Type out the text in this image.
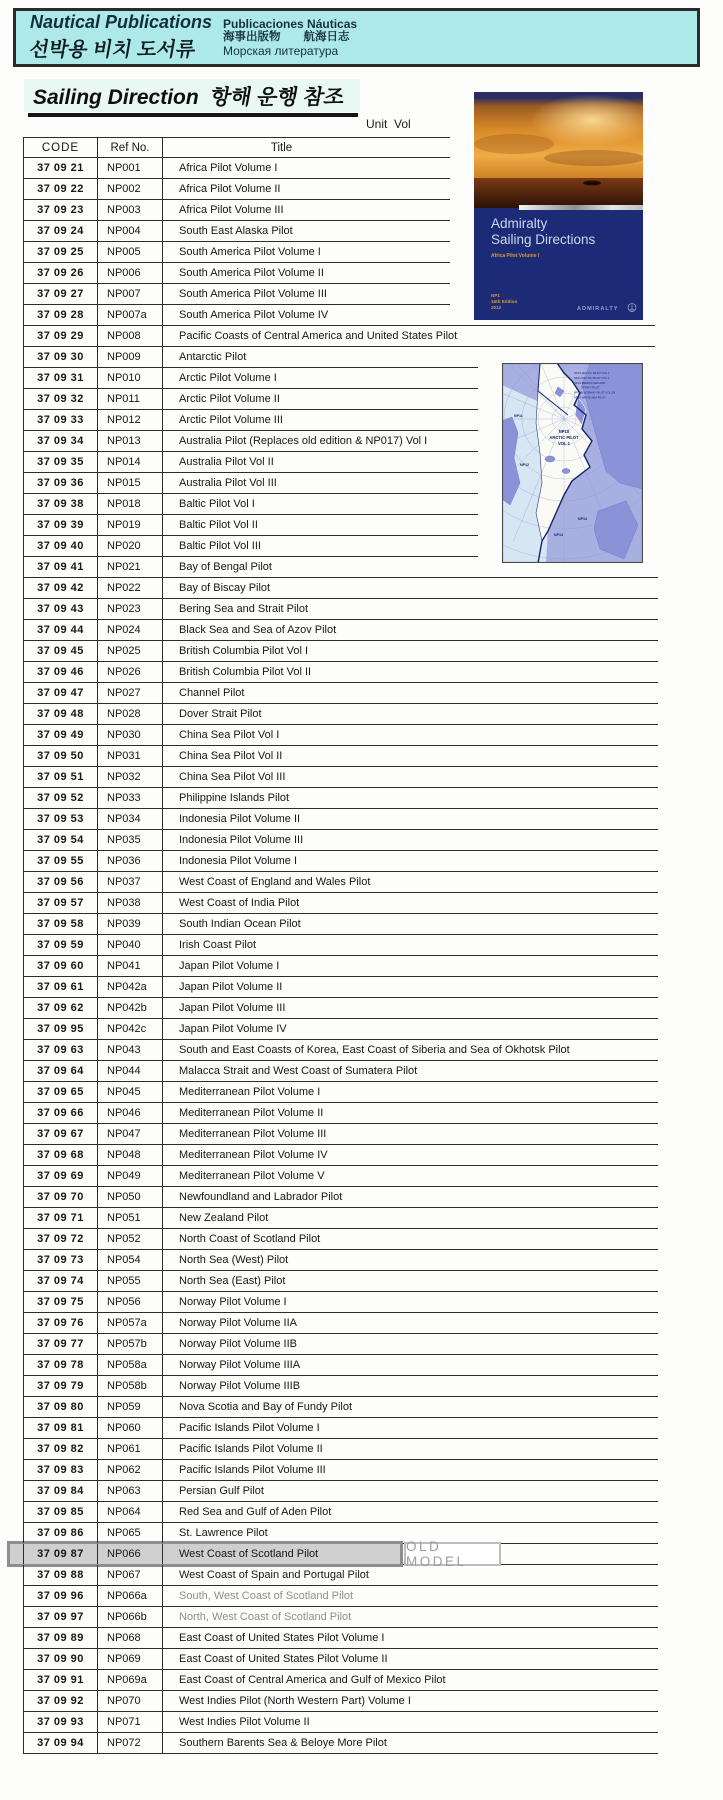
Nautical Publications
선박용 비치 도서류
Publicaciones Náuticas
海事出版物　　航海日志
Морская литература
Sailing Direction 항해 운행 참조
Unit  Vol
CODE	Ref No.	Title
37 09 21	NP001	Africa Pilot Volume I
37 09 22	NP002	Africa Pilot Volume II
37 09 23	NP003	Africa Pilot Volume III
37 09 24	NP004	South East Alaska Pilot
37 09 25	NP005	South America Pilot Volume I
37 09 26	NP006	South America Pilot Volume II
37 09 27	NP007	South America Pilot Volume III
37 09 28	NP007a	South America Pilot Volume IV
37 09 29	NP008	Pacific Coasts of Central America and United States Pilot
37 09 30	NP009	Antarctic Pilot
37 09 31	NP010	Arctic Pilot Volume I
37 09 32	NP011	Arctic Pilot Volume II
37 09 33	NP012	Arctic Pilot Volume III
37 09 34	NP013	Australia Pilot (Replaces old edition & NP017) Vol I
37 09 35	NP014	Australia Pilot Vol II
37 09 36	NP015	Australia Pilot Vol III
37 09 38	NP018	Baltic Pilot Vol I
37 09 39	NP019	Baltic Pilot Vol II
37 09 40	NP020	Baltic Pilot Vol III
37 09 41	NP021	Bay of Bengal Pilot
37 09 42	NP022	Bay of Biscay Pilot
37 09 43	NP023	Bering Sea and Strait Pilot
37 09 44	NP024	Black Sea and Sea of Azov Pilot
37 09 45	NP025	British Columbia Pilot Vol I
37 09 46	NP026	British Columbia Pilot Vol II
37 09 47	NP027	Channel Pilot
37 09 48	NP028	Dover Strait Pilot
37 09 49	NP030	China Sea Pilot Vol I
37 09 50	NP031	China Sea Pilot Vol II
37 09 51	NP032	China Sea Pilot Vol III
37 09 52	NP033	Philippine Islands Pilot
37 09 53	NP034	Indonesia Pilot Volume II
37 09 54	NP035	Indonesia Pilot Volume III
37 09 55	NP036	Indonesia Pilot Volume I
37 09 56	NP037	West Coast of England and Wales Pilot
37 09 57	NP038	West Coast of India Pilot
37 09 58	NP039	South Indian Ocean Pilot
37 09 59	NP040	Irish Coast Pilot
37 09 60	NP041	Japan Pilot Volume I
37 09 61	NP042a	Japan Pilot Volume II
37 09 62	NP042b	Japan Pilot Volume III
37 09 95	NP042c	Japan Pilot Volume IV
37 09 63	NP043	South and East Coasts of Korea, East Coast of Siberia and Sea of Okhotsk Pilot
37 09 64	NP044	Malacca Strait and West Coast of Sumatera Pilot
37 09 65	NP045	Mediterranean Pilot Volume I
37 09 66	NP046	Mediterranean Pilot Volume II
37 09 67	NP047	Mediterranean Pilot Volume III
37 09 68	NP048	Mediterranean Pilot Volume IV
37 09 69	NP049	Mediterranean Pilot Volume V
37 09 70	NP050	Newfoundland and Labrador Pilot
37 09 71	NP051	New Zealand Pilot
37 09 72	NP052	North Coast of Scotland Pilot
37 09 73	NP054	North Sea (West) Pilot
37 09 74	NP055	North Sea (East) Pilot
37 09 75	NP056	Norway Pilot Volume I
37 09 76	NP057a	Norway Pilot Volume IIA
37 09 77	NP057b	Norway Pilot Volume IIB
37 09 78	NP058a	Norway Pilot Volume IIIA
37 09 79	NP058b	Norway Pilot Volume IIIB
37 09 80	NP059	Nova Scotia and Bay of Fundy Pilot
37 09 81	NP060	Pacific Islands Pilot Volume I
37 09 82	NP061	Pacific Islands Pilot Volume II
37 09 83	NP062	Pacific Islands Pilot Volume III
37 09 84	NP063	Persian Gulf Pilot
37 09 85	NP064	Red Sea and Gulf of Aden Pilot
37 09 86	NP065	St. Lawrence Pilot
37 09 87	NP066	West Coast of Scotland Pilot	OLD MODEL
37 09 88	NP067	West Coast of Spain and Portugal Pilot
37 09 96	NP066a	South, West Coast of Scotland Pilot
37 09 97	NP066b	North, West Coast of Scotland Pilot
37 09 89	NP068	East Coast of United States Pilot Volume I
37 09 90	NP069	East Coast of United States Pilot Volume II
37 09 91	NP069a	East Coast of Central America and Gulf of Mexico Pilot
37 09 92	NP070	West Indies Pilot (North Western Part) Volume I
37 09 93	NP071	West Indies Pilot Volume II
37 09 94	NP072	Southern Barents Sea & Beloye More Pilot
Admiralty
Sailing Directions
Africa Pilot Volume I
NP1
16th Edition
2012	ADMIRALTY
NP10
ARCTIC PILOT
VOL 1
NP11
NP12
NP13
NP14
NP10 ARCTIC PILOT VOL 1
NP11 ARCTIC PILOT VOL 2
NP12 BERING SEA AND
STRAIT PILOT
NP58B NORWAY PILOT VOL 3B
NP10 WHITE SEA PILOT
